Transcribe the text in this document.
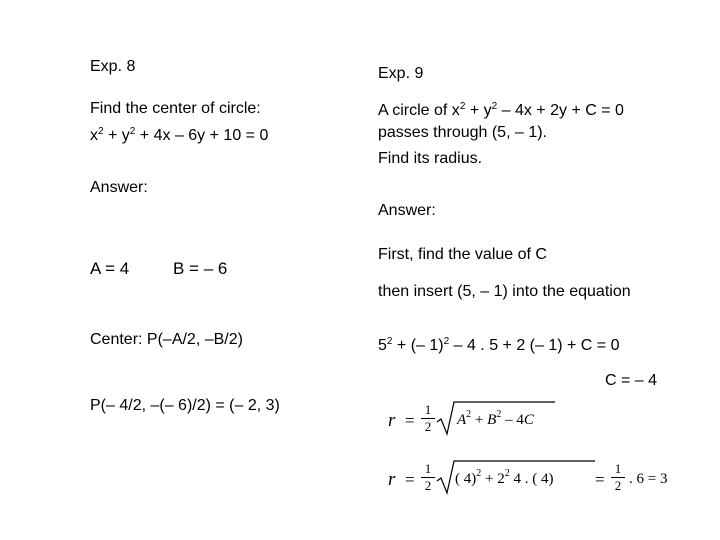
Exp. 8
Find the center of circle:
$x^2 + y^2 + 4x - 6y + 10 = 0$
Answer:
A = 4	B = – 6
Center: P(–A/2, –B/2)
P(– 4/2, –(– 6)/2) = (– 2, 3)
Exp. 9
A circle of $x^2 + y^2 - 4x + 2y + C = 0$
passes through (5, – 1).
Find its radius.
Answer:
First, find the value of C
then insert (5, – 1) into the equation
$5^2$ + (– 1)$^2$ – 4 . 5 + 2 (– 1) + C = 0
C = – 4
r =
1
2 $A^2 + B^2 - 4C$
r =
1
2 ( $4)^2 + 2^2$ 4 . ( 4) =
1
2 . 6 = 3
